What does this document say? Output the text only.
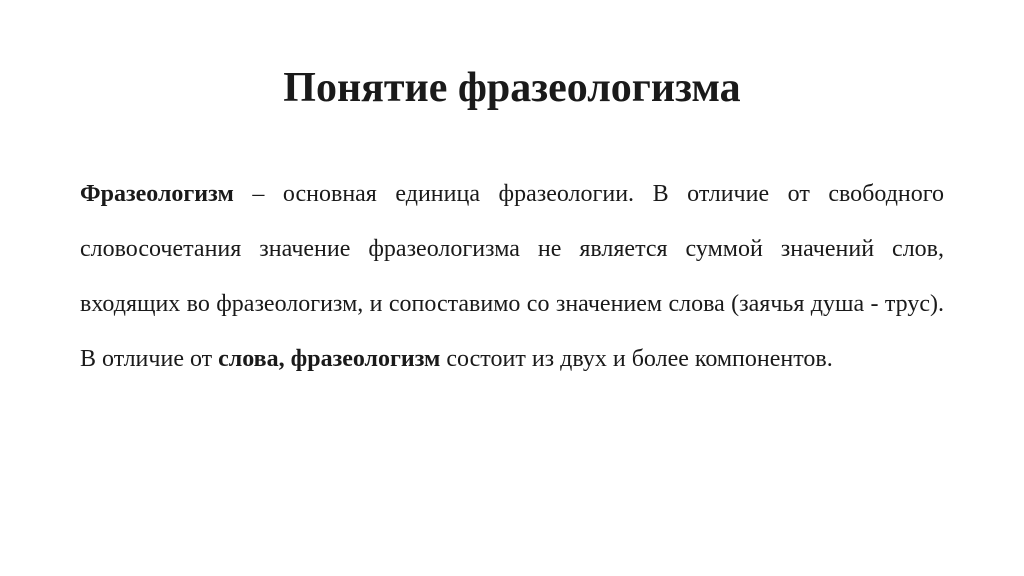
Понятие фразеологизма

Фразеологизм – основная единица фразеологии. В отличие от свободного словосочетания значение фразеологизма не является суммой значений слов, входящих во фразеологизм, и сопоставимо со значением слова (заячья душа - трус). В отличие от слова, фразеологизм состоит из двух и более компонентов.
